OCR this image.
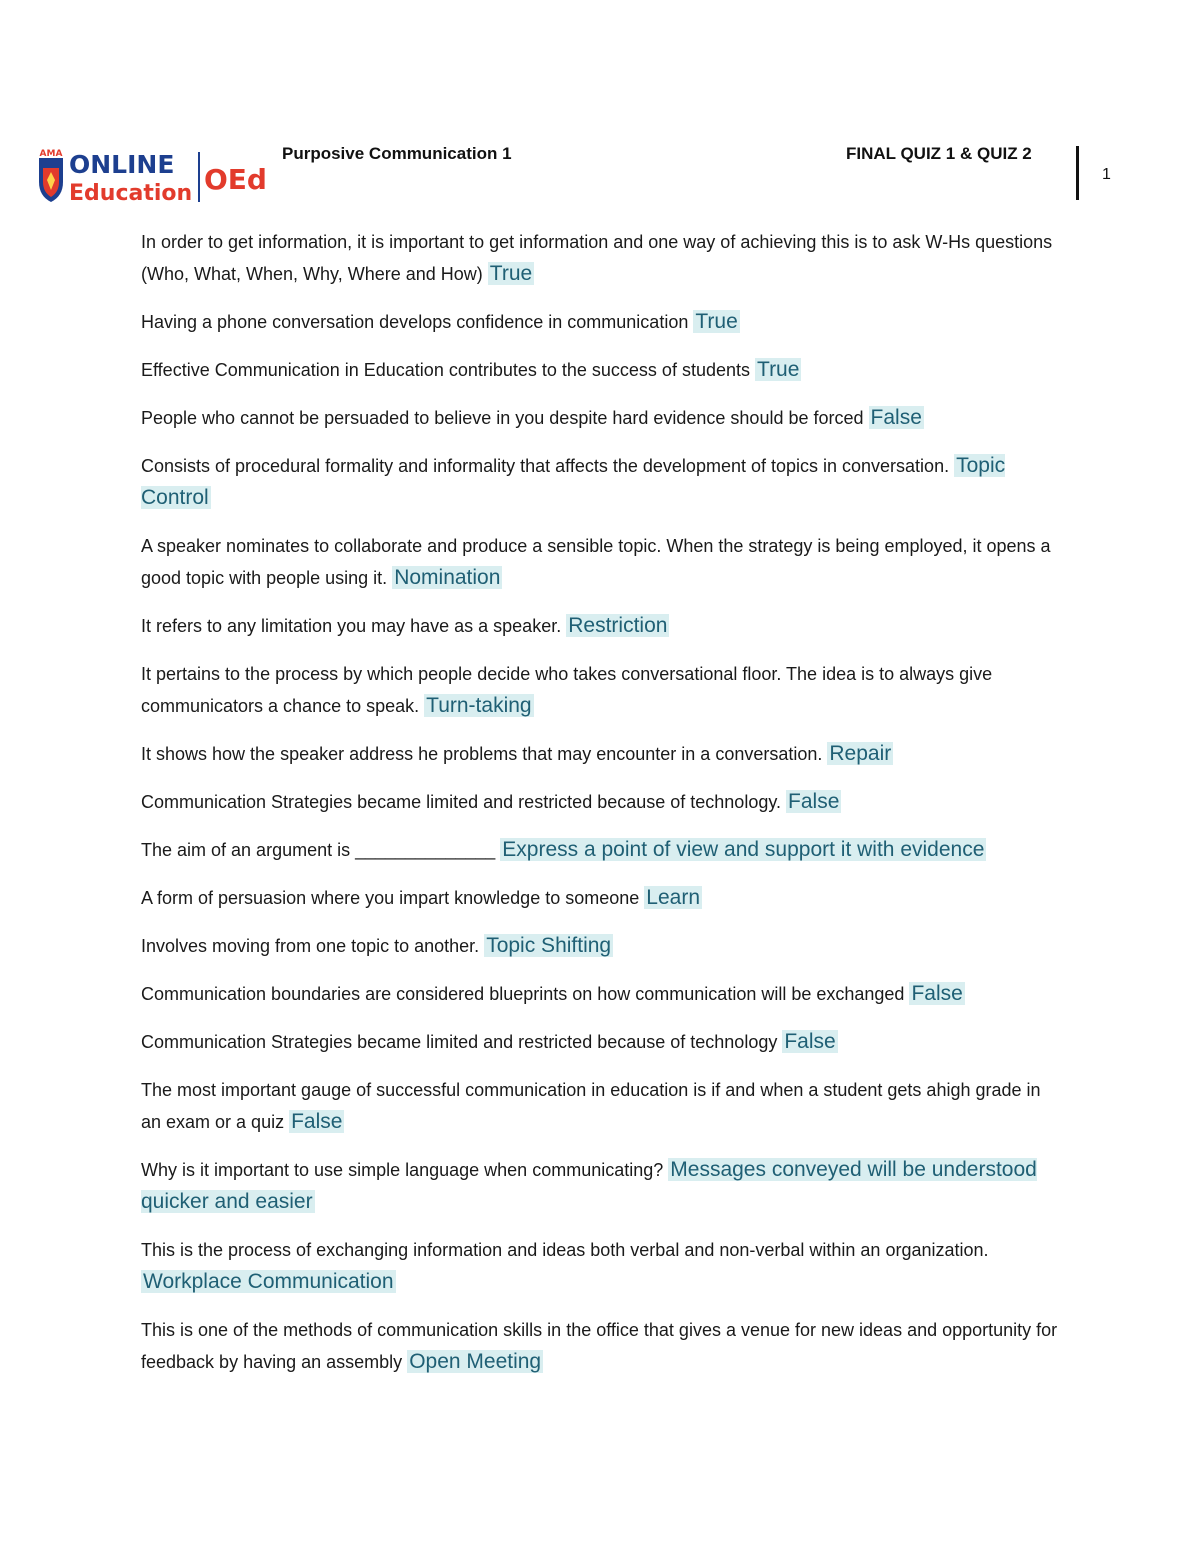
AMA ONLINE
Education OEd
Purposive Communication 1	FINAL QUIZ 1 & QUIZ 2
1

In order to get information, it is important to get information and one way of achieving this is to ask W-Hs questions (Who, What, When, Why, Where and How) True

Having a phone conversation develops confidence in communication True

Effective Communication in Education contributes to the success of students True

People who cannot be persuaded to believe in you despite hard evidence should be forced False

Consists of procedural formality and informality that affects the development of topics in conversation. Topic Control

A speaker nominates to collaborate and produce a sensible topic. When the strategy is being employed, it opens a good topic with people using it. Nomination

It refers to any limitation you may have as a speaker. Restriction

It pertains to the process by which people decide who takes conversational floor. The idea is to always give communicators a chance to speak. Turn-taking

It shows how the speaker address he problems that may encounter in a conversation. Repair

Communication Strategies became limited and restricted because of technology. False

The aim of an argument is ______________ Express a point of view and support it with evidence

A form of persuasion where you impart knowledge to someone Learn

Involves moving from one topic to another. Topic Shifting

Communication boundaries are considered blueprints on how communication will be exchanged False

Communication Strategies became limited and restricted because of technology False

The most important gauge of successful communication in education is if and when a student gets ahigh grade in an exam or a quiz False

Why is it important to use simple language when communicating? Messages conveyed will be understood quicker and easier

This is the process of exchanging information and ideas both verbal and non-verbal within an organization. Workplace Communication

This is one of the methods of communication skills in the office that gives a venue for new ideas and opportunity for feedback by having an assembly Open Meeting
